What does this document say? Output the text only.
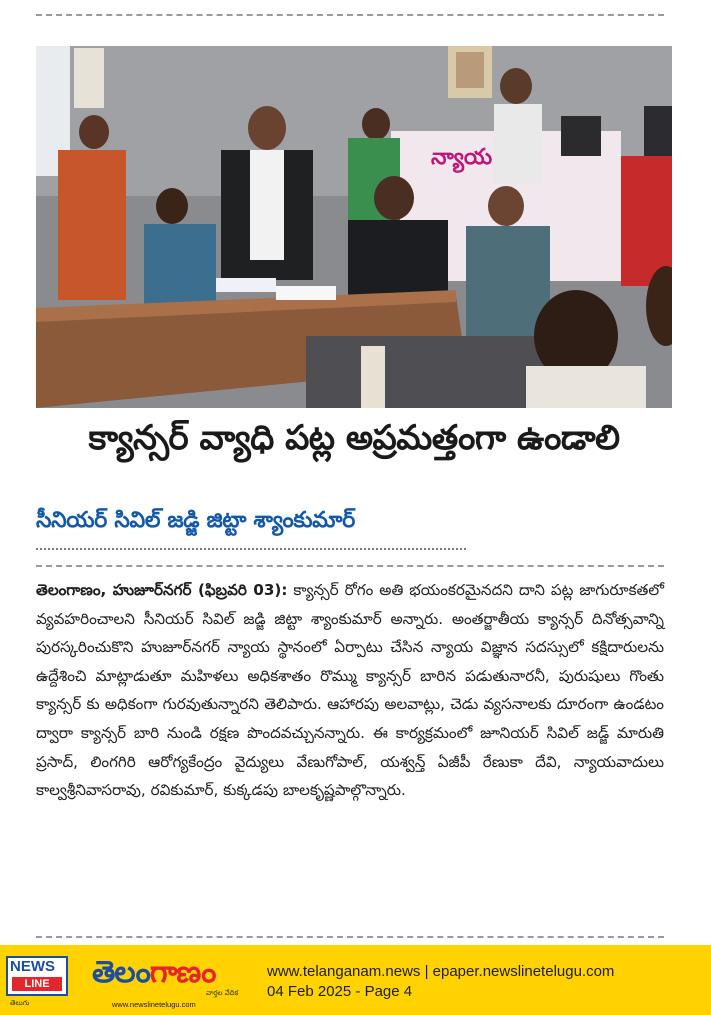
న్యాయ
క్యాన్సర్ వ్యాధి పట్ల అప్రమత్తంగా ఉండాలి
సీనియర్ సివిల్ జడ్జి జిట్టా శ్యాంకుమార్
తెలంగాణం, హుజూర్‌నగర్ (ఫిబ్రవరి 03): క్యాన్సర్ రోగం అతి భయంకరమైనదని దాని పట్ల జాగురూకతలో వ్యవహరించాలని సీనియర్ సివిల్ జడ్జి జిట్టా శ్యాంకుమార్ అన్నారు. అంతర్జాతీయ క్యాన్సర్ దినోత్సవాన్ని పురస్కరించుకొని హుజూర్‌నగర్ న్యాయ స్థానంలో ఏర్పాటు చేసిన న్యాయ విజ్ఞాన సదస్సులో కక్షిదారులను ఉద్దేశించి మాట్లాడుతూ మహిళలు అధికశాతం రొమ్ము క్యాన్సర్ బారిన పడుతునారనీ, పురుషులు గొంతు క్యాన్సర్ కు అధికంగా గురవుతున్నారని తెలిపారు. ఆహారపు అలవాట్లు, చెడు వ్యసనాలకు దూరంగా ఉండటం ద్వారా క్యాన్సర్ బారి నుండి రక్షణ పొందవచ్చునన్నారు. ఈ కార్యక్రమంలో జూనియర్ సివిల్ జడ్జ్ మారుతి ప్రసాద్, లింగగిరి ఆరోగ్యకేంద్రం వైద్యులు వేణుగోపాల్, యశ్వన్త్ ఏజీపీ రేణుకా దేవి, న్యాయవాదులు కాల్వశ్రీనివాసరావు, రవికుమార్, కుక్కడపు బాలకృష్ణపాల్గొన్నారు.
NEWS
LINE
తెలుగు
తెలంగాణం
వార్తల వేదిక
www.newslinetelugu.com
www.telanganam.news | epaper.newslinetelugu.com
04 Feb 2025 - Page 4
